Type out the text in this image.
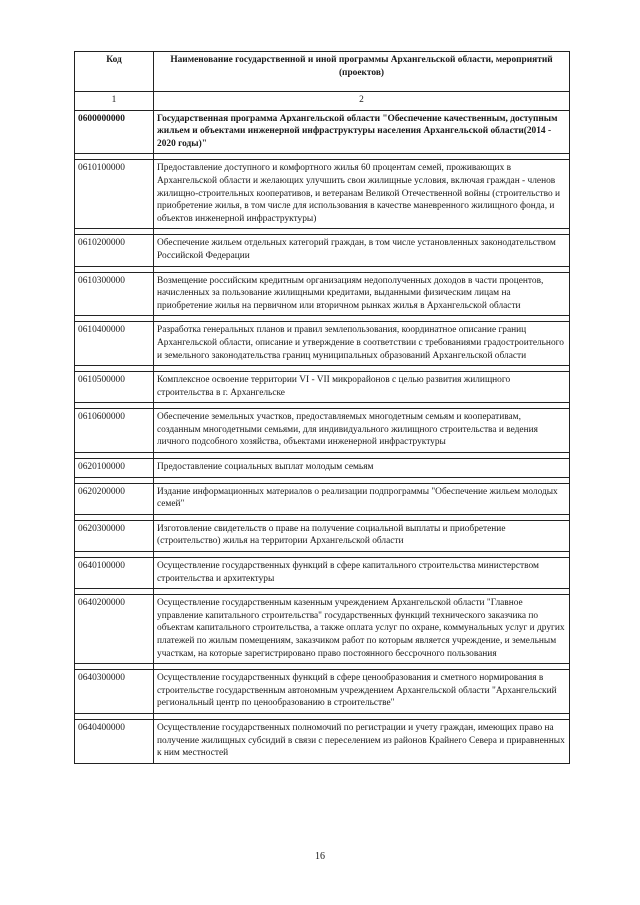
Код	Наименование государственной и иной программы Архангельской области, мероприятий (проектов)
1	2
0600000000	Государственная программа Архангельской области "Обеспечение качественным, доступным жильем и объектами инженерной инфраструктуры населения Архангельской области(2014 - 2020 годы)"

0610100000	Предоставление доступного и комфортного жилья 60 процентам семей, проживающих в Архангельской области и желающих улучшить свои жилищные условия, включая граждан - членов жилищно-строительных кооперативов, и ветеранам Великой Отечественной войны (строительство и приобретение жилья, в том числе для использования в качестве маневренного жилищного фонда, и объектов инженерной инфраструктуры)

0610200000	Обеспечение жильем отдельных категорий граждан, в том числе установленных законодательством Российской Федерации

0610300000	Возмещение российским кредитным организациям недополученных доходов в части процентов, начисленных за пользование жилищными кредитами, выданными физическим лицам на приобретение жилья на первичном или вторичном рынках жилья в Архангельской области

0610400000	Разработка генеральных планов и правил землепользования, координатное описание границ Архангельской области, описание и утверждение в соответствии с требованиями градостроительного и земельного законодательства границ муниципальных образований Архангельской области

0610500000	Комплексное освоение территории VI - VII микрорайонов с целью развития жилищного строительства в г. Архангельске

0610600000	Обеспечение земельных участков, предоставляемых многодетным семьям и кооперативам, созданным многодетными семьями, для индивидуального жилищного строительства и ведения личного подсобного хозяйства, объектами инженерной инфраструктуры

0620100000	Предоставление социальных выплат молодым семьям

0620200000	Издание информационных материалов о реализации подпрограммы "Обеспечение жильем молодых семей"

0620300000	Изготовление свидетельств о праве на получение социальной выплаты и приобретение (строительство) жилья на территории Архангельской области

0640100000	Осуществление государственных функций в сфере капитального строительства министерством строительства и архитектуры

0640200000	Осуществление государственным казенным учреждением Архангельской области "Главное управление капитального строительства" государственных функций технического заказчика по объектам капитального строительства, а также оплата услуг по охране, коммунальных услуг и других платежей по жилым помещениям, заказчиком работ по которым является учреждение, и земельным участкам, на которые зарегистрировано право постоянного бессрочного пользования

0640300000	Осуществление государственных функций в сфере ценообразования и сметного нормирования в строительстве государственным автономным учреждением Архангельской области "Архангельский региональный центр по ценообразованию в строительстве"

0640400000	Осуществление государственных полномочий по регистрации и учету граждан, имеющих право на получение жилищных субсидий в связи с переселением из районов Крайнего Севера и приравненных к ним местностей
16
